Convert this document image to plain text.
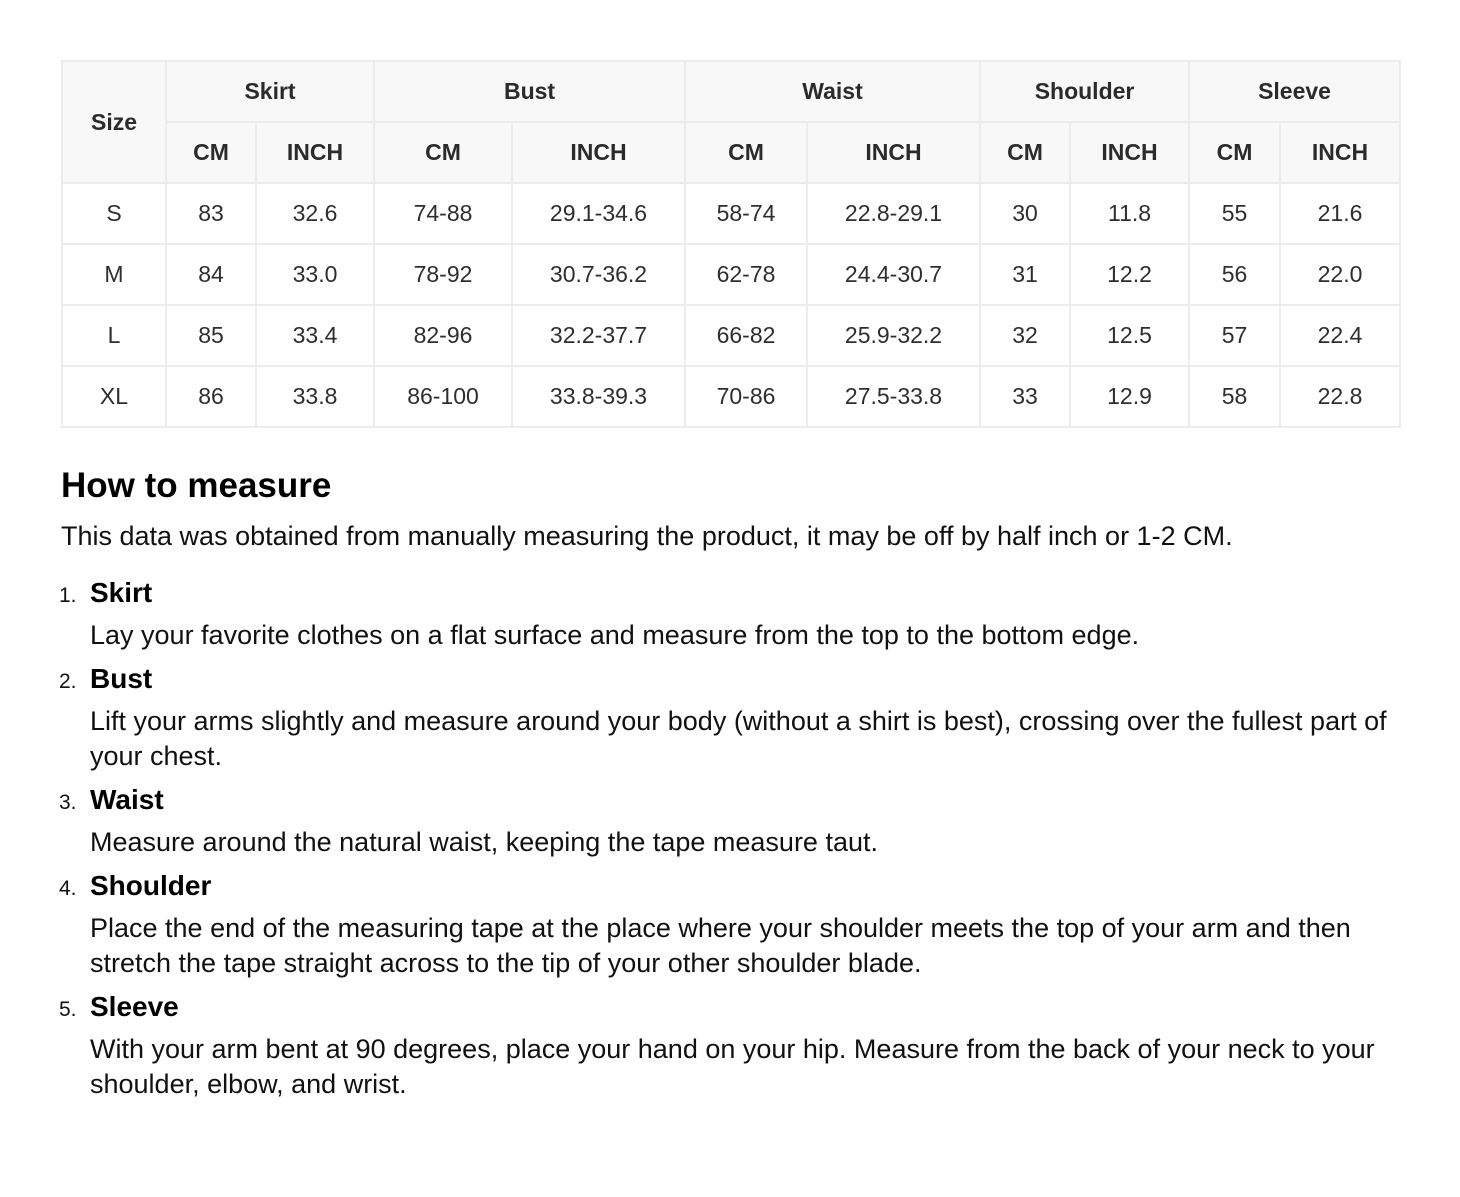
Size	Skirt		Bust		Waist		Shoulder		Sleeve	
	CM	INCH	CM	INCH	CM	INCH	CM	INCH	CM	INCH
S	83	32.6	74-88	29.1-34.6	58-74	22.8-29.1	30	11.8	55	21.6
M	84	33.0	78-92	30.7-36.2	62-78	24.4-30.7	31	12.2	56	22.0
L	85	33.4	82-96	32.2-37.7	66-82	25.9-32.2	32	12.5	57	22.4
XL	86	33.8	86-100	33.8-39.3	70-86	27.5-33.8	33	12.9	58	22.8
How to measure

This data was obtained from manually measuring the product, it may be off by half inch or 1-2 CM.

1. Skirt
Lay your favorite clothes on a flat surface and measure from the top to the bottom edge.
2. Bust
Lift your arms slightly and measure around your body (without a shirt is best), crossing over the fullest part of your chest.
3. Waist
Measure around the natural waist, keeping the tape measure taut.
4. Shoulder
Place the end of the measuring tape at the place where your shoulder meets the top of your arm and then stretch the tape straight across to the tip of your other shoulder blade.
5. Sleeve
With your arm bent at 90 degrees, place your hand on your hip. Measure from the back of your neck to your shoulder, elbow, and wrist.
